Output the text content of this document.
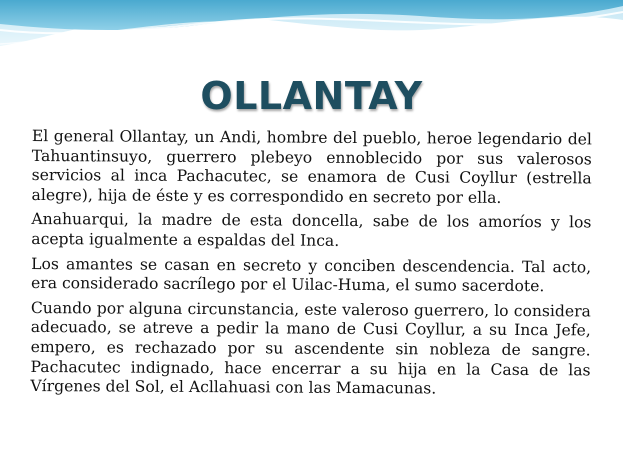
OLLANTAY

El general Ollantay, un Andi, hombre del pueblo, heroe legendario del Tahuantinsuyo, guerrero plebeyo ennoblecido por sus valerosos servicios al inca Pachacutec, se enamora de Cusi Coyllur (estrella alegre), hija de éste y es correspondido en secreto por ella.

Anahuarqui, la madre de esta doncella, sabe de los amoríos y los acepta igualmente a espaldas del Inca.

Los amantes se casan en secreto y conciben descendencia. Tal acto, era considerado sacrílego por el Uilac-Huma, el sumo sacerdote.

Cuando por alguna circunstancia, este valeroso guerrero, lo considera adecuado, se atreve a pedir la mano de Cusi Coyllur, a su Inca Jefe, empero, es rechazado por su ascendente sin nobleza de sangre. Pachacutec indignado, hace encerrar a su hija en la Casa de las Vírgenes del Sol, el Acllahuasi con las Mamacunas.
